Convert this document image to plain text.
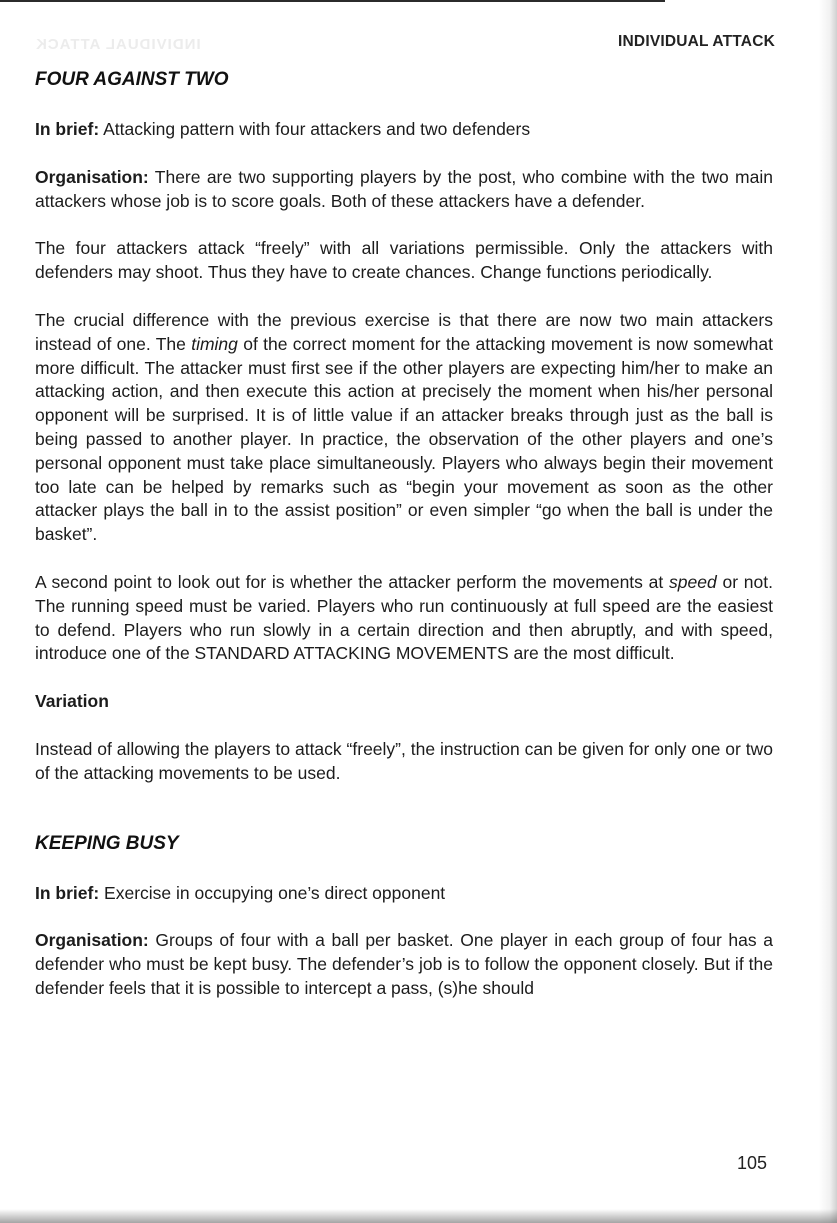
INDIVIDUAL ATTACK	INDIVIDUAL ATTACK
FOUR AGAINST TWO

In brief: Attacking pattern with four attackers and two defenders

Organisation: There are two supporting players by the post, who combine with the two main attackers whose job is to score goals. Both of these attackers have a defender.

The four attackers attack “freely” with all variations permissible. Only the attackers with defenders may shoot. Thus they have to create chances. Change functions periodically.

The crucial difference with the previous exercise is that there are now two main attackers instead of one. The timing of the correct moment for the attacking movement is now somewhat more difficult. The attacker must first see if the other players are expecting him/her to make an attacking action, and then execute this action at precisely the moment when his/her personal opponent will be surprised. It is of little value if an attacker breaks through just as the ball is being passed to another player. In practice, the observation of the other players and one’s personal opponent must take place simultaneously. Players who always begin their movement too late can be helped by remarks such as “begin your movement as soon as the other attacker plays the ball in to the assist position” or even simpler “go when the ball is under the basket”.

A second point to look out for is whether the attacker perform the movements at speed or not. The running speed must be varied. Players who run continuously at full speed are the easiest to defend. Players who run slowly in a certain direction and then abruptly, and with speed, introduce one of the STANDARD ATTACKING MOVEMENTS are the most difficult.

Variation

Instead of allowing the players to attack “freely”, the instruction can be given for only one or two of the attacking movements to be used.

KEEPING BUSY

In brief: Exercise in occupying one’s direct opponent

Organisation: Groups of four with a ball per basket. One player in each group of four has a defender who must be kept busy. The defender’s job is to follow the opponent closely. But if the defender feels that it is possible to intercept a pass, (s)he should

105
